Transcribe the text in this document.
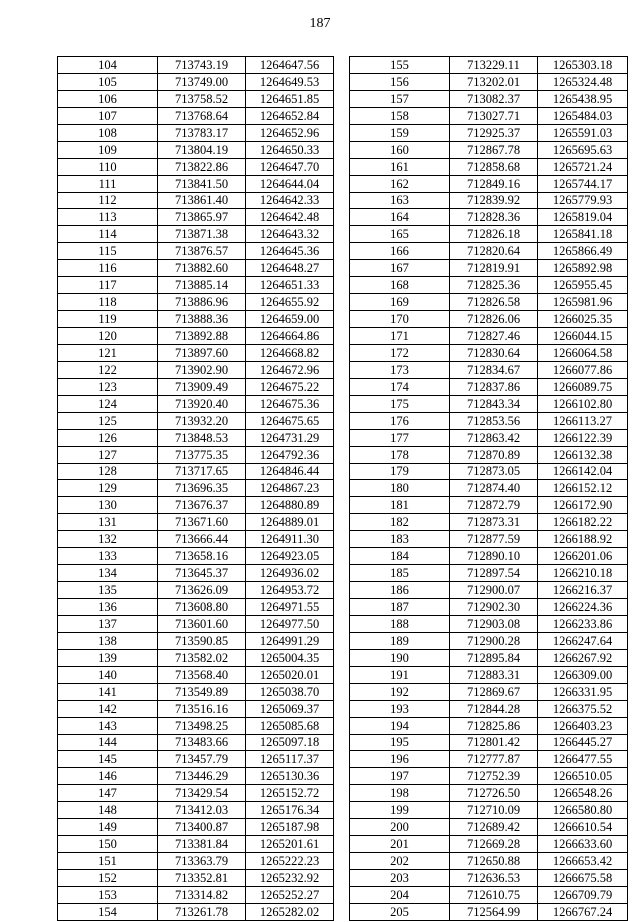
187
104	713743.19	1264647.56
105	713749.00	1264649.53
106	713758.52	1264651.85
107	713768.64	1264652.84
108	713783.17	1264652.96
109	713804.19	1264650.33
110	713822.86	1264647.70
111	713841.50	1264644.04
112	713861.40	1264642.33
113	713865.97	1264642.48
114	713871.38	1264643.32
115	713876.57	1264645.36
116	713882.60	1264648.27
117	713885.14	1264651.33
118	713886.96	1264655.92
119	713888.36	1264659.00
120	713892.88	1264664.86
121	713897.60	1264668.82
122	713902.90	1264672.96
123	713909.49	1264675.22
124	713920.40	1264675.36
125	713932.20	1264675.65
126	713848.53	1264731.29
127	713775.35	1264792.36
128	713717.65	1264846.44
129	713696.35	1264867.23
130	713676.37	1264880.89
131	713671.60	1264889.01
132	713666.44	1264911.30
133	713658.16	1264923.05
134	713645.37	1264936.02
135	713626.09	1264953.72
136	713608.80	1264971.55
137	713601.60	1264977.50
138	713590.85	1264991.29
139	713582.02	1265004.35
140	713568.40	1265020.01
141	713549.89	1265038.70
142	713516.16	1265069.37
143	713498.25	1265085.68
144	713483.66	1265097.18
145	713457.79	1265117.37
146	713446.29	1265130.36
147	713429.54	1265152.72
148	713412.03	1265176.34
149	713400.87	1265187.98
150	713381.84	1265201.61
151	713363.79	1265222.23
152	713352.81	1265232.92
153	713314.82	1265252.27
154	713261.78	1265282.02
155	713229.11	1265303.18
156	713202.01	1265324.48
157	713082.37	1265438.95
158	713027.71	1265484.03
159	712925.37	1265591.03
160	712867.78	1265695.63
161	712858.68	1265721.24
162	712849.16	1265744.17
163	712839.92	1265779.93
164	712828.36	1265819.04
165	712826.18	1265841.18
166	712820.64	1265866.49
167	712819.91	1265892.98
168	712825.36	1265955.45
169	712826.58	1265981.96
170	712826.06	1266025.35
171	712827.46	1266044.15
172	712830.64	1266064.58
173	712834.67	1266077.86
174	712837.86	1266089.75
175	712843.34	1266102.80
176	712853.56	1266113.27
177	712863.42	1266122.39
178	712870.89	1266132.38
179	712873.05	1266142.04
180	712874.40	1266152.12
181	712872.79	1266172.90
182	712873.31	1266182.22
183	712877.59	1266188.92
184	712890.10	1266201.06
185	712897.54	1266210.18
186	712900.07	1266216.37
187	712902.30	1266224.36
188	712903.08	1266233.86
189	712900.28	1266247.64
190	712895.84	1266267.92
191	712883.31	1266309.00
192	712869.67	1266331.95
193	712844.28	1266375.52
194	712825.86	1266403.23
195	712801.42	1266445.27
196	712777.87	1266477.55
197	712752.39	1266510.05
198	712726.50	1266548.26
199	712710.09	1266580.80
200	712689.42	1266610.54
201	712669.28	1266633.60
202	712650.88	1266653.42
203	712636.53	1266675.58
204	712610.75	1266709.79
205	712564.99	1266767.24
